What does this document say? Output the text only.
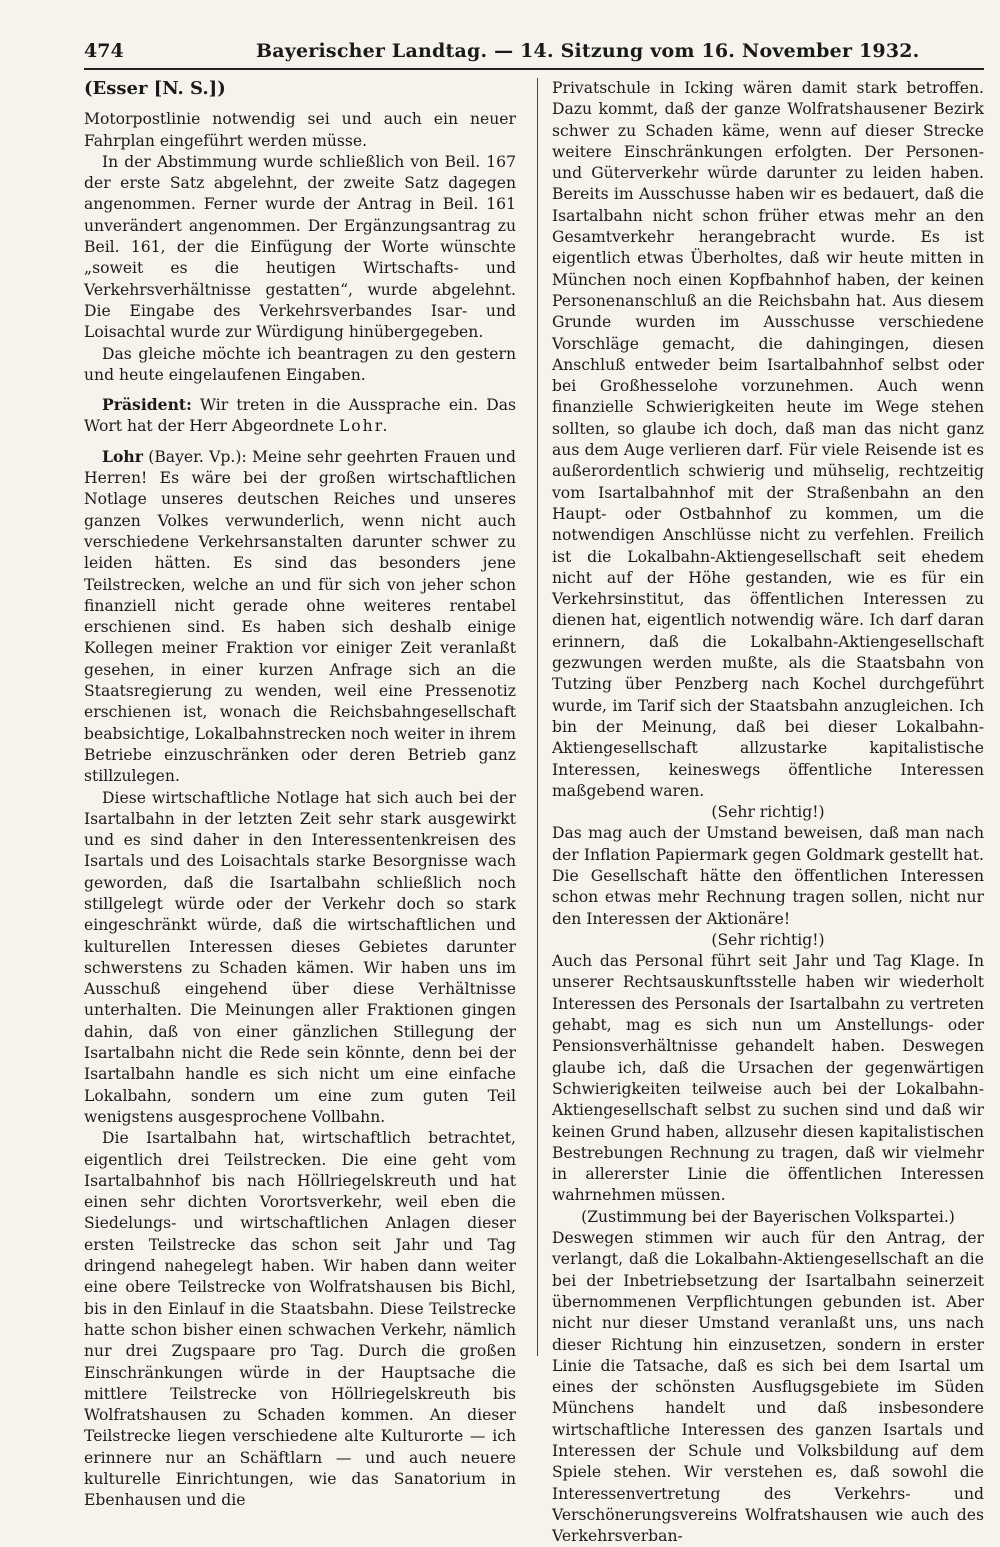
474	Bayerischer Landtag. — 14. Sitzung vom 16. November 1932.

(Esser [N. S.])

Motorpostlinie notwendig sei und auch ein neuer Fahrplan eingeführt werden müsse.

In der Abstimmung wurde schließlich von Beil. 167 der erste Satz abgelehnt, der zweite Satz dagegen angenommen. Ferner wurde der Antrag in Beil. 161 unverändert angenommen. Der Ergänzungsantrag zu Beil. 161, der die Einfügung der Worte wünschte „soweit es die heutigen Wirtschafts- und Verkehrsverhältnisse gestatten“, wurde abgelehnt. Die Eingabe des Verkehrsverbandes Isar- und Loisachtal wurde zur Würdigung hinübergegeben.

Das gleiche möchte ich beantragen zu den gestern und heute eingelaufenen Eingaben.

Präsident: Wir treten in die Aussprache ein. Das Wort hat der Herr Abgeordnete Lohr.

Lohr (Bayer. Vp.): Meine sehr geehrten Frauen und Herren! Es wäre bei der großen wirtschaftlichen Notlage unseres deutschen Reiches und unseres ganzen Volkes verwunderlich, wenn nicht auch verschiedene Verkehrsanstalten darunter schwer zu leiden hätten. Es sind das besonders jene Teilstrecken, welche an und für sich von jeher schon finanziell nicht gerade ohne weiteres rentabel erschienen sind. Es haben sich deshalb einige Kollegen meiner Fraktion vor einiger Zeit veranlaßt gesehen, in einer kurzen Anfrage sich an die Staatsregierung zu wenden, weil eine Pressenotiz erschienen ist, wonach die Reichsbahngesellschaft beabsichtige, Lokalbahnstrecken noch weiter in ihrem Betriebe einzuschränken oder deren Betrieb ganz stillzulegen.

Diese wirtschaftliche Notlage hat sich auch bei der Isartalbahn in der letzten Zeit sehr stark ausgewirkt und es sind daher in den Interessentenkreisen des Isartals und des Loisachtals starke Besorgnisse wach geworden, daß die Isartalbahn schließlich noch stillgelegt würde oder der Verkehr doch so stark eingeschränkt würde, daß die wirtschaftlichen und kulturellen Interessen dieses Gebietes darunter schwerstens zu Schaden kämen. Wir haben uns im Ausschuß eingehend über diese Verhältnisse unterhalten. Die Meinungen aller Fraktionen gingen dahin, daß von einer gänzlichen Stillegung der Isartalbahn nicht die Rede sein könnte, denn bei der Isartalbahn handle es sich nicht um eine einfache Lokalbahn, sondern um eine zum guten Teil wenigstens ausgesprochene Vollbahn.

Die Isartalbahn hat, wirtschaftlich betrachtet, eigentlich drei Teilstrecken. Die eine geht vom Isartalbahnhof bis nach Höllriegelskreuth und hat einen sehr dichten Vorortsverkehr, weil eben die Siedelungs- und wirtschaftlichen Anlagen dieser ersten Teilstrecke das schon seit Jahr und Tag dringend nahegelegt haben. Wir haben dann weiter eine obere Teilstrecke von Wolfratshausen bis Bichl, bis in den Einlauf in die Staatsbahn. Diese Teilstrecke hatte schon bisher einen schwachen Verkehr, nämlich nur drei Zugspaare pro Tag. Durch die großen Einschränkungen würde in der Hauptsache die mittlere Teilstrecke von Höllriegelskreuth bis Wolfratshausen zu Schaden kommen. An dieser Teilstrecke liegen verschiedene alte Kulturorte — ich erinnere nur an Schäftlarn — und auch neuere kulturelle Einrichtungen, wie das Sanatorium in Ebenhausen und die

Privatschule in Icking wären damit stark betroffen. Dazu kommt, daß der ganze Wolfratshausener Bezirk schwer zu Schaden käme, wenn auf dieser Strecke weitere Einschränkungen erfolgten. Der Personen- und Güterverkehr würde darunter zu leiden haben. Bereits im Ausschusse haben wir es bedauert, daß die Isartalbahn nicht schon früher etwas mehr an den Gesamtverkehr herangebracht wurde. Es ist eigentlich etwas Überholtes, daß wir heute mitten in München noch einen Kopfbahnhof haben, der keinen Personenanschluß an die Reichsbahn hat. Aus diesem Grunde wurden im Ausschusse verschiedene Vorschläge gemacht, die dahingingen, diesen Anschluß entweder beim Isartalbahnhof selbst oder bei Großhesselohe vorzunehmen. Auch wenn finanzielle Schwierigkeiten heute im Wege stehen sollten, so glaube ich doch, daß man das nicht ganz aus dem Auge verlieren darf. Für viele Reisende ist es außerordentlich schwierig und mühselig, rechtzeitig vom Isartalbahnhof mit der Straßenbahn an den Haupt- oder Ostbahnhof zu kommen, um die notwendigen Anschlüsse nicht zu verfehlen. Freilich ist die Lokalbahn-Aktiengesellschaft seit ehedem nicht auf der Höhe gestanden, wie es für ein Verkehrsinstitut, das öffentlichen Interessen zu dienen hat, eigentlich notwendig wäre. Ich darf daran erinnern, daß die Lokalbahn-Aktiengesellschaft gezwungen werden mußte, als die Staatsbahn von Tutzing über Penzberg nach Kochel durchgeführt wurde, im Tarif sich der Staatsbahn anzugleichen. Ich bin der Meinung, daß bei dieser Lokalbahn-Aktiengesellschaft allzustarke kapitalistische Interessen, keineswegs öffentliche Interessen maßgebend waren.

(Sehr richtig!)

Das mag auch der Umstand beweisen, daß man nach der Inflation Papiermark gegen Goldmark gestellt hat. Die Gesellschaft hätte den öffentlichen Interessen schon etwas mehr Rechnung tragen sollen, nicht nur den Interessen der Aktionäre!

(Sehr richtig!)

Auch das Personal führt seit Jahr und Tag Klage. In unserer Rechtsauskunftsstelle haben wir wiederholt Interessen des Personals der Isartalbahn zu vertreten gehabt, mag es sich nun um Anstellungs- oder Pensionsverhältnisse gehandelt haben. Deswegen glaube ich, daß die Ursachen der gegenwärtigen Schwierigkeiten teilweise auch bei der Lokalbahn-Aktiengesellschaft selbst zu suchen sind und daß wir keinen Grund haben, allzusehr diesen kapitalistischen Bestrebungen Rechnung zu tragen, daß wir vielmehr in allererster Linie die öffentlichen Interessen wahrnehmen müssen.

(Zustimmung bei der Bayerischen Volkspartei.)

Deswegen stimmen wir auch für den Antrag, der verlangt, daß die Lokalbahn-Aktiengesellschaft an die bei der Inbetriebsetzung der Isartalbahn seinerzeit übernommenen Verpflichtungen gebunden ist. Aber nicht nur dieser Umstand veranlaßt uns, uns nach dieser Richtung hin einzusetzen, sondern in erster Linie die Tatsache, daß es sich bei dem Isartal um eines der schönsten Ausflugsgebiete im Süden Münchens handelt und daß insbesondere wirtschaftliche Interessen des ganzen Isartals und Interessen der Schule und Volksbildung auf dem Spiele stehen. Wir verstehen es, daß sowohl die Interessenvertretung des Verkehrs- und Verschönerungsvereins Wolfratshausen wie auch des Verkehrsverban-
